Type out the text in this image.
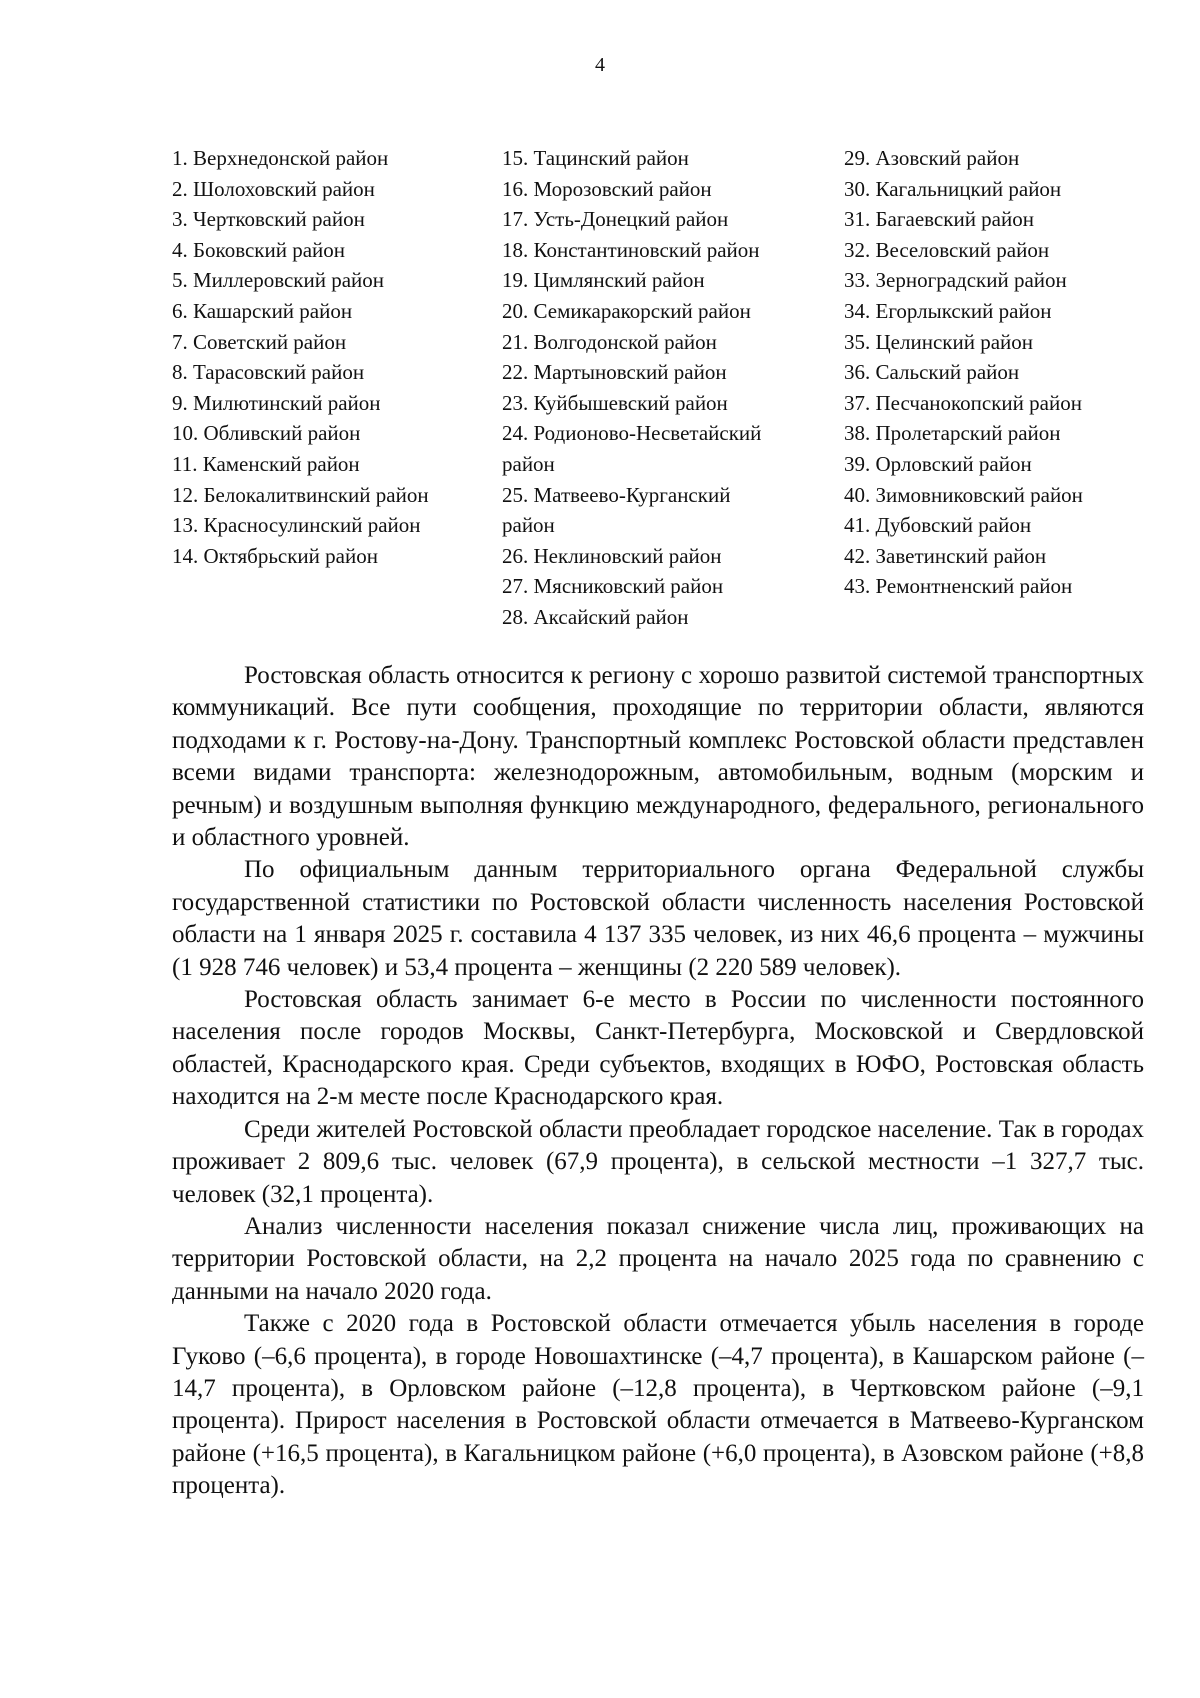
4
1. Верхнедонской район
2. Шолоховский район
3. Чертковский район
4. Боковский район
5. Миллеровский район
6. Кашарский район
7. Советский район
8. Тарасовский район
9. Милютинский район
10. Обливский район
11. Каменский район
12. Белокалитвинский район
13. Красносулинский район
14. Октябрьский район
15. Тацинский район
16. Морозовский район
17. Усть-Донецкий район
18. Константиновский район
19. Цимлянский район
20. Семикаракорский район
21. Волгодонской район
22. Мартыновский район
23. Куйбышевский район
24. Родионово-Несветайский
район
25. Матвеево-Курганский
район
26. Неклиновский район
27. Мясниковский район
28. Аксайский район
29. Азовский район
30. Кагальницкий район
31. Багаевский район
32. Веселовский район
33. Зерноградский район
34. Егорлыкский район
35. Целинский район
36. Сальский район
37. Песчанокопский район
38. Пролетарский район
39. Орловский район
40. Зимовниковский район
41. Дубовский район
42. Заветинский район
43. Ремонтненский район

Ростовская область относится к региону с хорошо развитой системой транспортных коммуникаций. Все пути сообщения, проходящие по территории области, являются подходами к г. Ростову-на-Дону. Транспортный комплекс Ростовской области представлен всеми видами транспорта: железнодорожным, автомобильным, водным (морским и речным) и воздушным выполняя функцию международного, федерального, регионального и областного уровней.

По официальным данным территориального органа Федеральной службы государственной статистики по Ростовской области численность населения Ростовской области на 1 января 2025 г. составила 4 137 335 человек, из них 46,6 процента – мужчины (1 928 746 человек) и 53,4 процента – женщины (2 220 589 человек).

Ростовская область занимает 6-е место в России по численности постоянного населения после городов Москвы, Санкт-Петербурга, Московской и Свердловской областей, Краснодарского края. Среди субъектов, входящих в ЮФО, Ростовская область находится на 2-м месте после Краснодарского края.

Среди жителей Ростовской области преобладает городское население. Так в городах проживает 2 809,6 тыс. человек (67,9 процента), в сельской местности –1 327,7 тыс. человек (32,1 процента).

Анализ численности населения показал снижение числа лиц, проживающих на территории Ростовской области, на 2,2 процента на начало 2025 года по сравнению с данными на начало 2020 года.

Также с 2020 года в Ростовской области отмечается убыль населения в городе Гуково (–6,6 процента), в городе Новошахтинске (–4,7 процента), в Кашарском районе (–14,7 процента), в Орловском районе (–12,8 процента), в Чертковском районе (–9,1 процента). Прирост населения в Ростовской области отмечается в Матвеево-Курганском районе (+16,5 процента), в Кагальницком районе (+6,0 процента), в Азовском районе (+8,8 процента).
